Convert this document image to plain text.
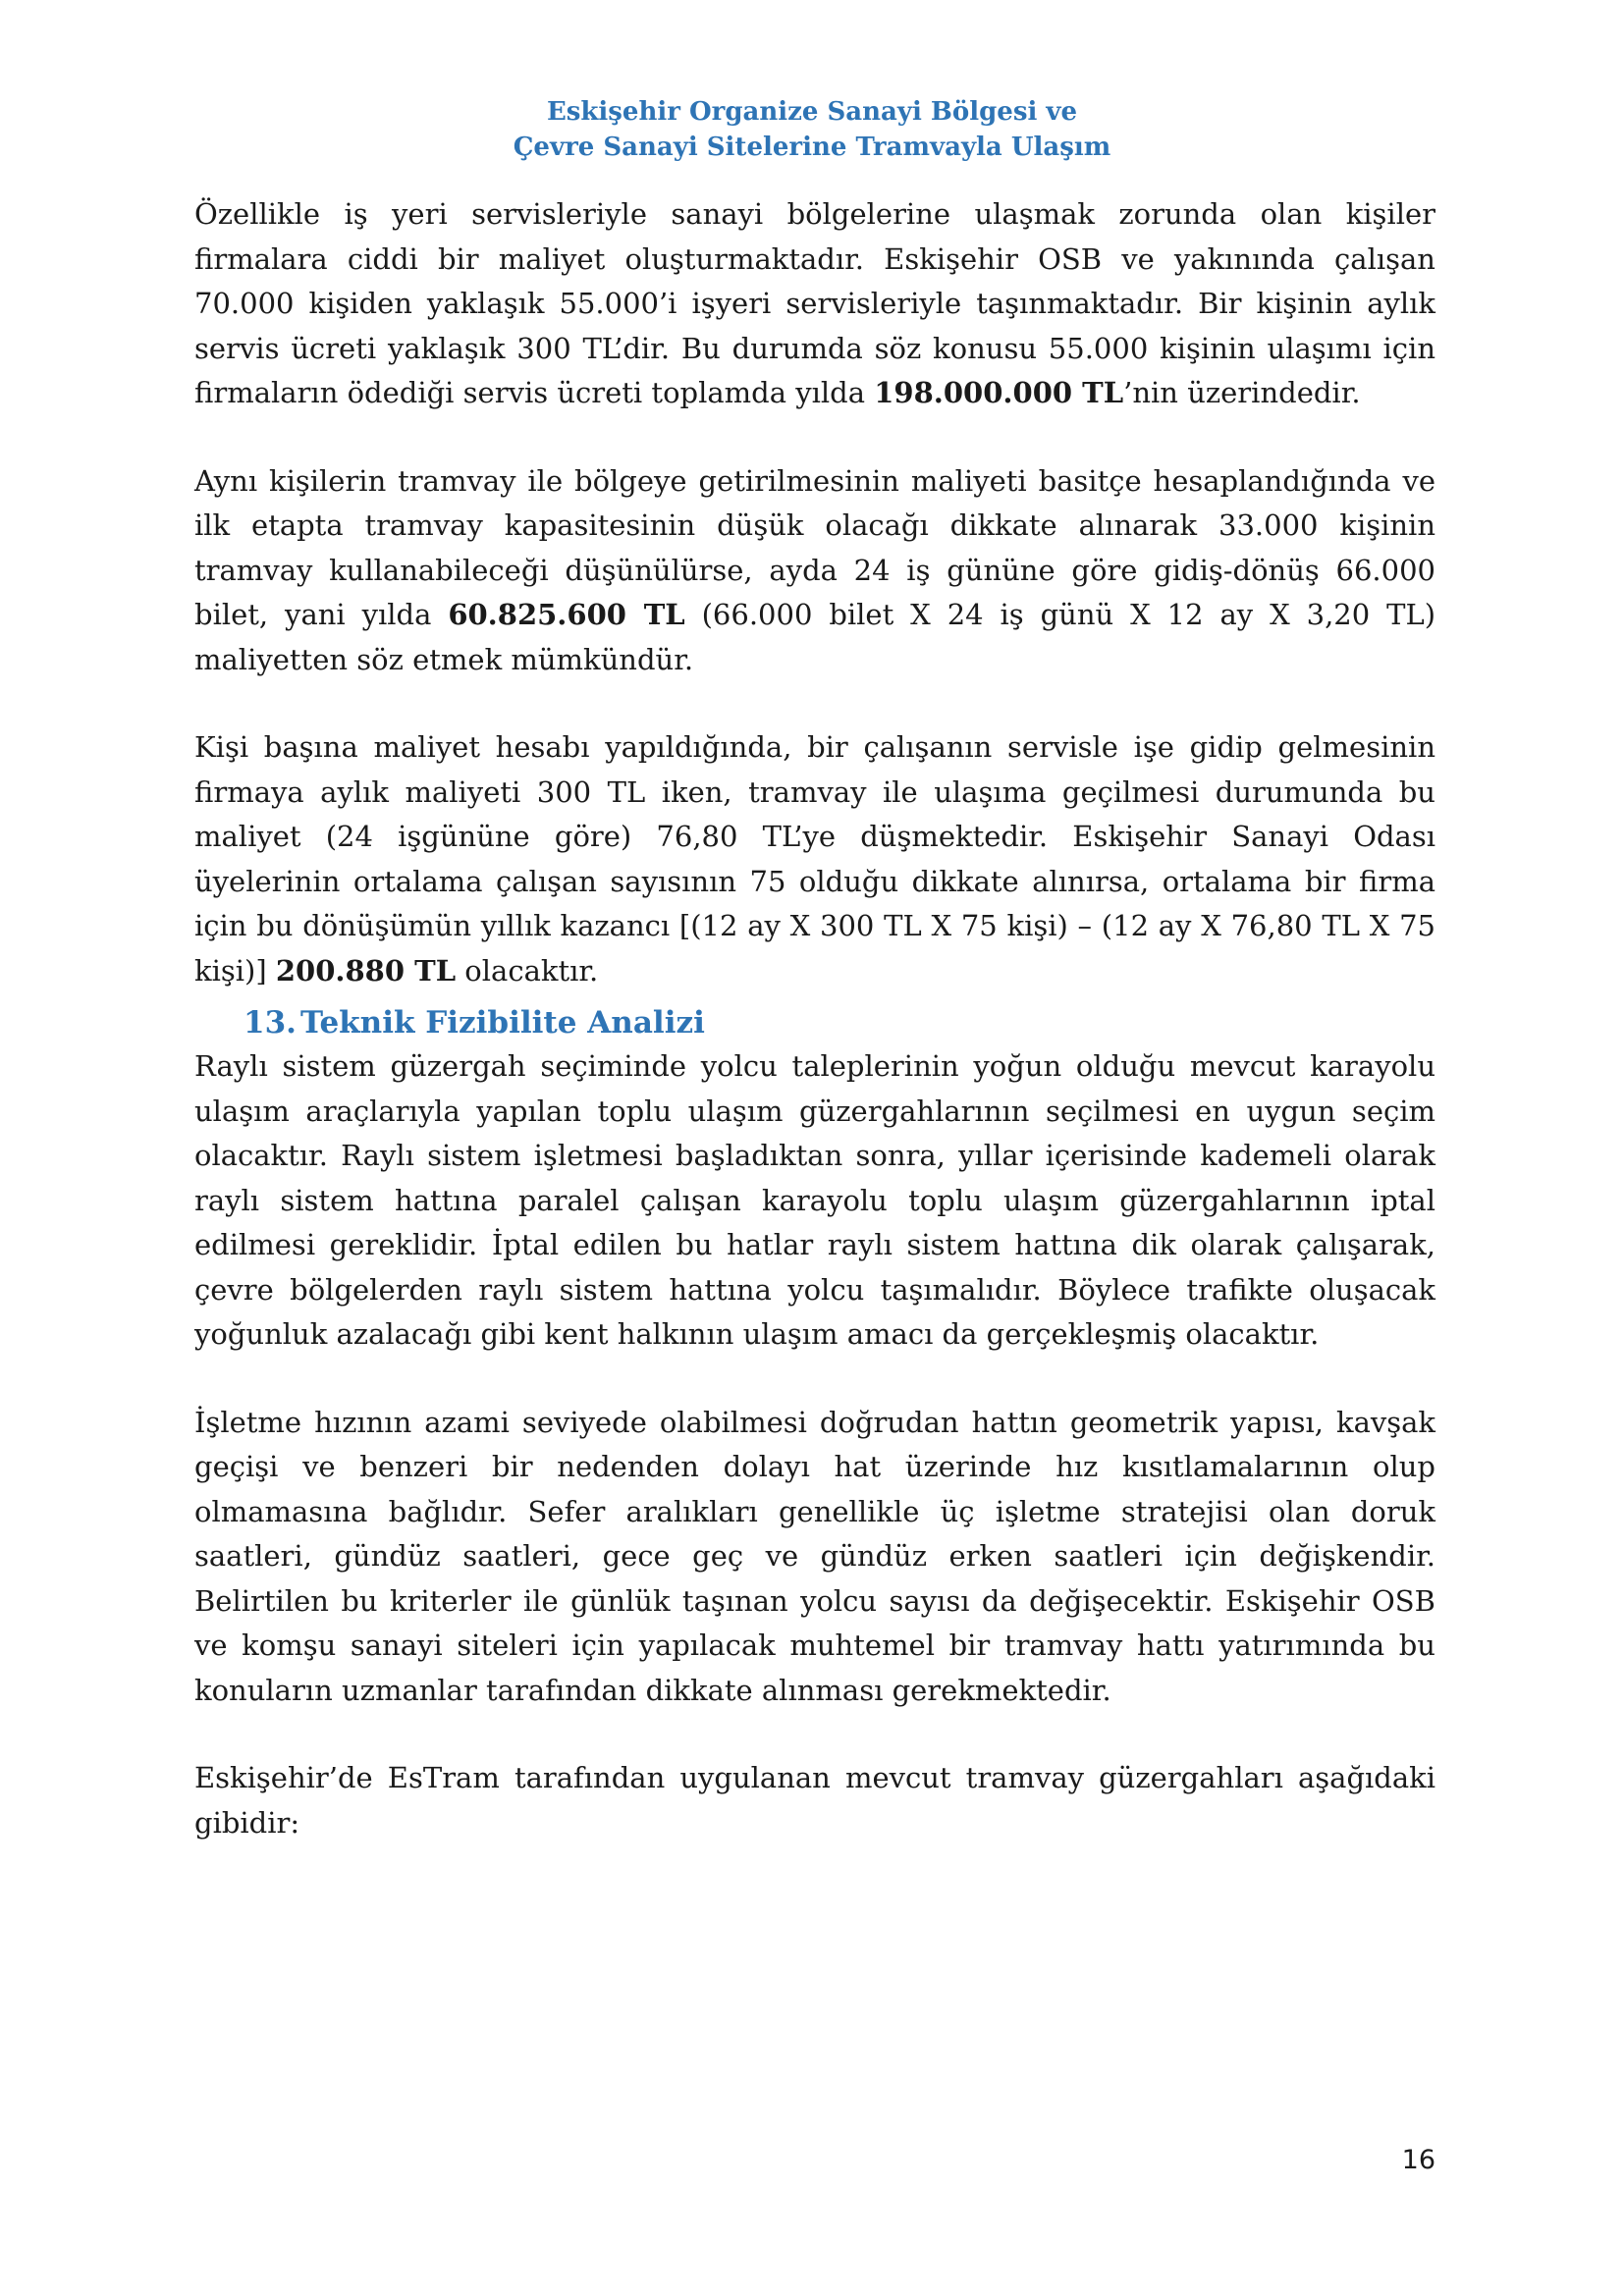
Eskişehir Organize Sanayi Bölgesi ve
Çevre Sanayi Sitelerine Tramvayla Ulaşım

Özellikle iş yeri servisleriyle sanayi bölgelerine ulaşmak zorunda olan kişiler firmalara ciddi bir maliyet oluşturmaktadır. Eskişehir OSB ve yakınında çalışan 70.000 kişiden yaklaşık 55.000’i işyeri servisleriyle taşınmaktadır. Bir kişinin aylık servis ücreti yaklaşık 300 TL’dir. Bu durumda söz konusu 55.000 kişinin ulaşımı için firmaların ödediği servis ücreti toplamda yılda 198.000.000 TL’nin üzerindedir.

Aynı kişilerin tramvay ile bölgeye getirilmesinin maliyeti basitçe hesaplandığında ve ilk etapta tramvay kapasitesinin düşük olacağı dikkate alınarak 33.000 kişinin tramvay kullanabileceği düşünülürse, ayda 24 iş gününe göre gidiş-dönüş 66.000 bilet, yani yılda 60.825.600 TL (66.000 bilet X 24 iş günü X 12 ay X 3,20 TL) maliyetten söz etmek mümkündür.

Kişi başına maliyet hesabı yapıldığında, bir çalışanın servisle işe gidip gelmesinin firmaya aylık maliyeti 300 TL iken, tramvay ile ulaşıma geçilmesi durumunda bu maliyet (24 işgününe göre) 76,80 TL’ye düşmektedir. Eskişehir Sanayi Odası üyelerinin ortalama çalışan sayısının 75 olduğu dikkate alınırsa, ortalama bir firma için bu dönüşümün yıllık kazancı [(12 ay X 300 TL X 75 kişi) – (12 ay X 76,80 TL X 75 kişi)] 200.880 TL olacaktır.

13. Teknik Fizibilite Analizi

Raylı sistem güzergah seçiminde yolcu taleplerinin yoğun olduğu mevcut karayolu ulaşım araçlarıyla yapılan toplu ulaşım güzergahlarının seçilmesi en uygun seçim olacaktır. Raylı sistem işletmesi başladıktan sonra, yıllar içerisinde kademeli olarak raylı sistem hattına paralel çalışan karayolu toplu ulaşım güzergahlarının iptal edilmesi gereklidir. İptal edilen bu hatlar raylı sistem hattına dik olarak çalışarak, çevre bölgelerden raylı sistem hattına yolcu taşımalıdır. Böylece trafikte oluşacak yoğunluk azalacağı gibi kent halkının ulaşım amacı da gerçekleşmiş olacaktır.

İşletme hızının azami seviyede olabilmesi doğrudan hattın geometrik yapısı, kavşak geçişi ve benzeri bir nedenden dolayı hat üzerinde hız kısıtlamalarının olup olmamasına bağlıdır. Sefer aralıkları genellikle üç işletme stratejisi olan doruk saatleri, gündüz saatleri, gece geç ve gündüz erken saatleri için değişkendir. Belirtilen bu kriterler ile günlük taşınan yolcu sayısı da değişecektir. Eskişehir OSB ve komşu sanayi siteleri için yapılacak muhtemel bir tramvay hattı yatırımında bu konuların uzmanlar tarafından dikkate alınması gerekmektedir.

Eskişehir’de EsTram tarafından uygulanan mevcut tramvay güzergahları aşağıdaki gibidir:

16
